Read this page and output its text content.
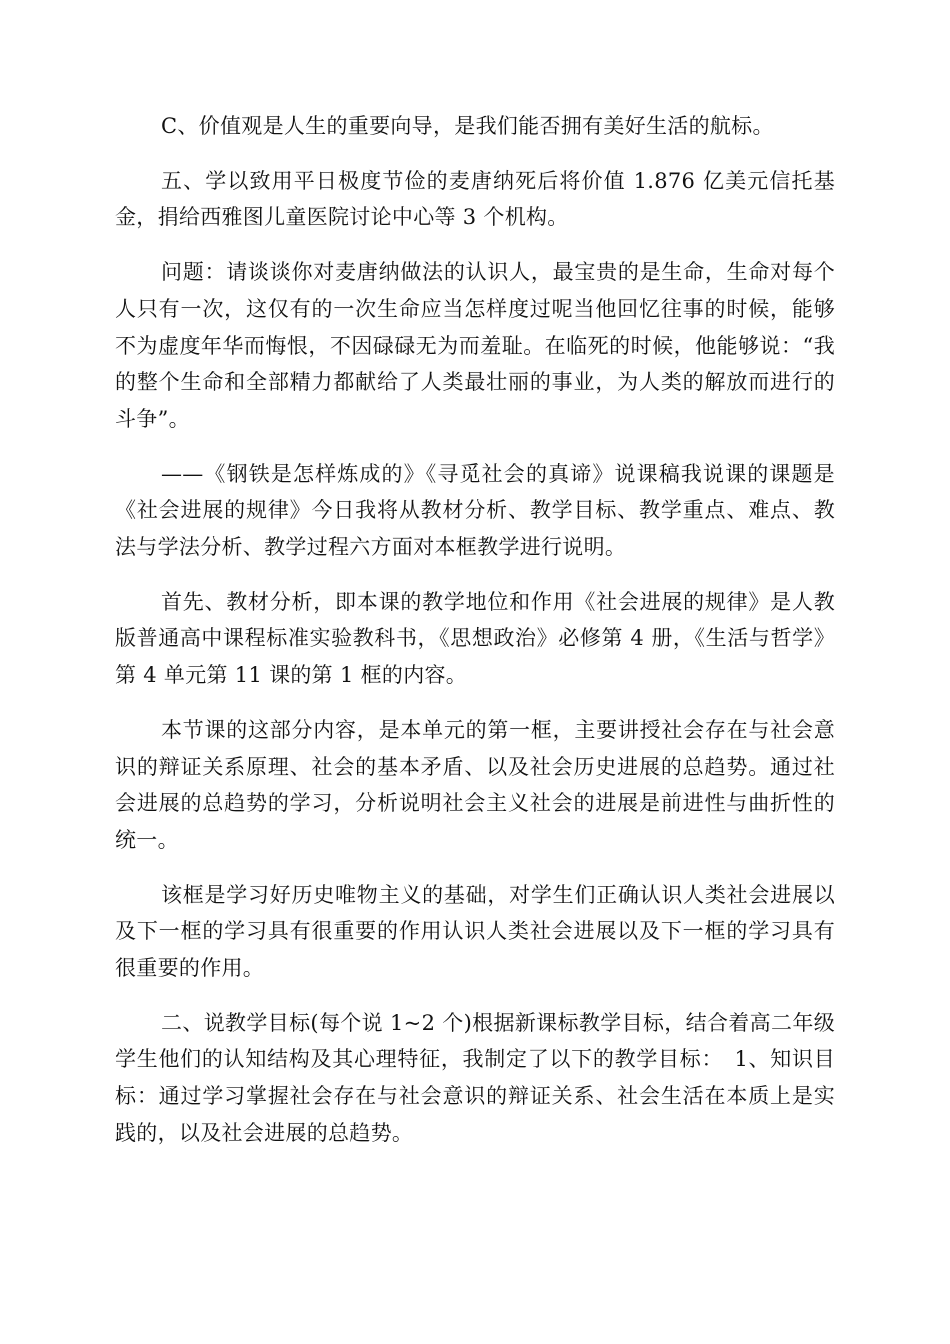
C、价值观是人生的重要向导，是我们能否拥有美好生活的航标。

五、学以致用平日极度节俭的麦唐纳死后将价值 1.876 亿美元信托基金，捐给西雅图儿童医院讨论中心等 3 个机构。

问题：请谈谈你对麦唐纳做法的认识人，最宝贵的是生命，生命对每个人只有一次，这仅有的一次生命应当怎样度过呢当他回忆往事的时候，能够不为虚度年华而悔恨，不因碌碌无为而羞耻。在临死的时候，他能够说：“我的整个生命和全部精力都献给了人类最壮丽的事业，为人类的解放而进行的斗争”。

——《钢铁是怎样炼成的》《寻觅社会的真谛》说课稿我说课的课题是《社会进展的规律》今日我将从教材分析、教学目标、教学重点、难点、教法与学法分析、教学过程六方面对本框教学进行说明。

首先、教材分析，即本课的教学地位和作用《社会进展的规律》是人教版普通高中课程标准实验教科书，《思想政治》必修第 4 册，《生活与哲学》第 4 单元第 11 课的第 1 框的内容。

本节课的这部分内容，是本单元的第一框，主要讲授社会存在与社会意识的辩证关系原理、社会的基本矛盾、以及社会历史进展的总趋势。通过社会进展的总趋势的学习，分析说明社会主义社会的进展是前进性与曲折性的统一。

该框是学习好历史唯物主义的基础，对学生们正确认识人类社会进展以及下一框的学习具有很重要的作用认识人类社会进展以及下一框的学习具有很重要的作用。

二、说教学目标(每个说 1~2 个)根据新课标教学目标，结合着高二年级学生他们的认知结构及其心理特征，我制定了以下的教学目标：　1、知识目标：通过学习掌握社会存在与社会意识的辩证关系、社会生活在本质上是实践的，以及社会进展的总趋势。
